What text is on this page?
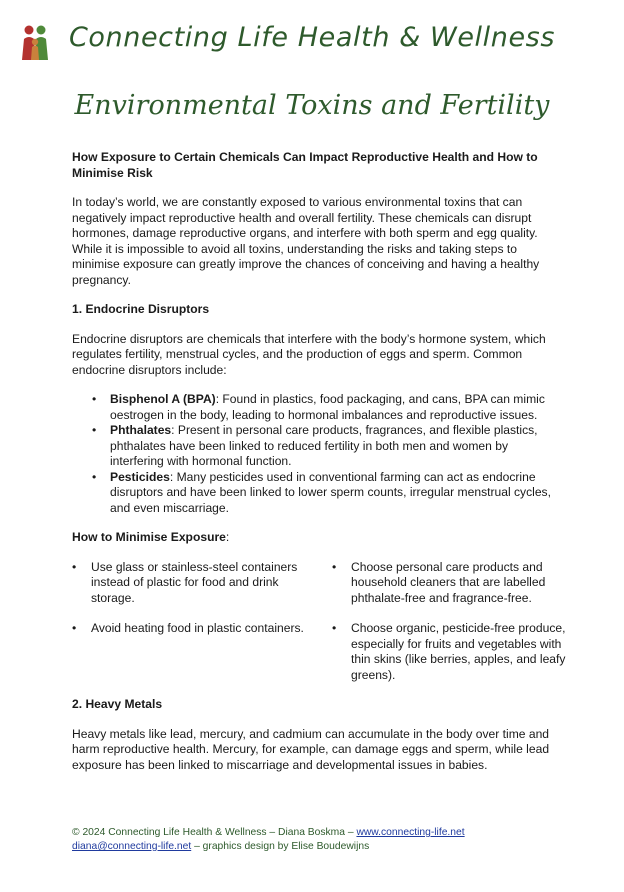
Connecting Life Health & Wellness
Environmental Toxins and Fertility

How Exposure to Certain Chemicals Can Impact Reproductive Health and How to Minimise Risk

In today’s world, we are constantly exposed to various environmental toxins that can negatively impact reproductive health and overall fertility. These chemicals can disrupt hormones, damage reproductive organs, and interfere with both sperm and egg quality. While it is impossible to avoid all toxins, understanding the risks and taking steps to minimise exposure can greatly improve the chances of conceiving and having a healthy pregnancy.

1. Endocrine Disruptors

Endocrine disruptors are chemicals that interfere with the body’s hormone system, which regulates fertility, menstrual cycles, and the production of eggs and sperm. Common endocrine disruptors include:

• Bisphenol A (BPA): Found in plastics, food packaging, and cans, BPA can mimic oestrogen in the body, leading to hormonal imbalances and reproductive issues.
• Phthalates: Present in personal care products, fragrances, and flexible plastics, phthalates have been linked to reduced fertility in both men and women by interfering with hormonal function.
• Pesticides: Many pesticides used in conventional farming can act as endocrine disruptors and have been linked to lower sperm counts, irregular menstrual cycles, and even miscarriage.

How to Minimise Exposure:

• Use glass or stainless-steel containers instead of plastic for food and drink storage.
• Choose personal care products and household cleaners that are labelled phthalate-free and fragrance-free.
• Avoid heating food in plastic containers.
•	Choose organic, pesticide-free produce, especially for fruits and vegetables with thin skins (like berries, apples, and leafy greens).

2. Heavy Metals

Heavy metals like lead, mercury, and cadmium can accumulate in the body over time and harm reproductive health. Mercury, for example, can damage eggs and sperm, while lead exposure has been linked to miscarriage and developmental issues in babies.

© 2024 Connecting Life Health & Wellness – Diana Boskma – www.connecting-life.net
diana@connecting-life.net – graphics design by Elise Boudewijns
